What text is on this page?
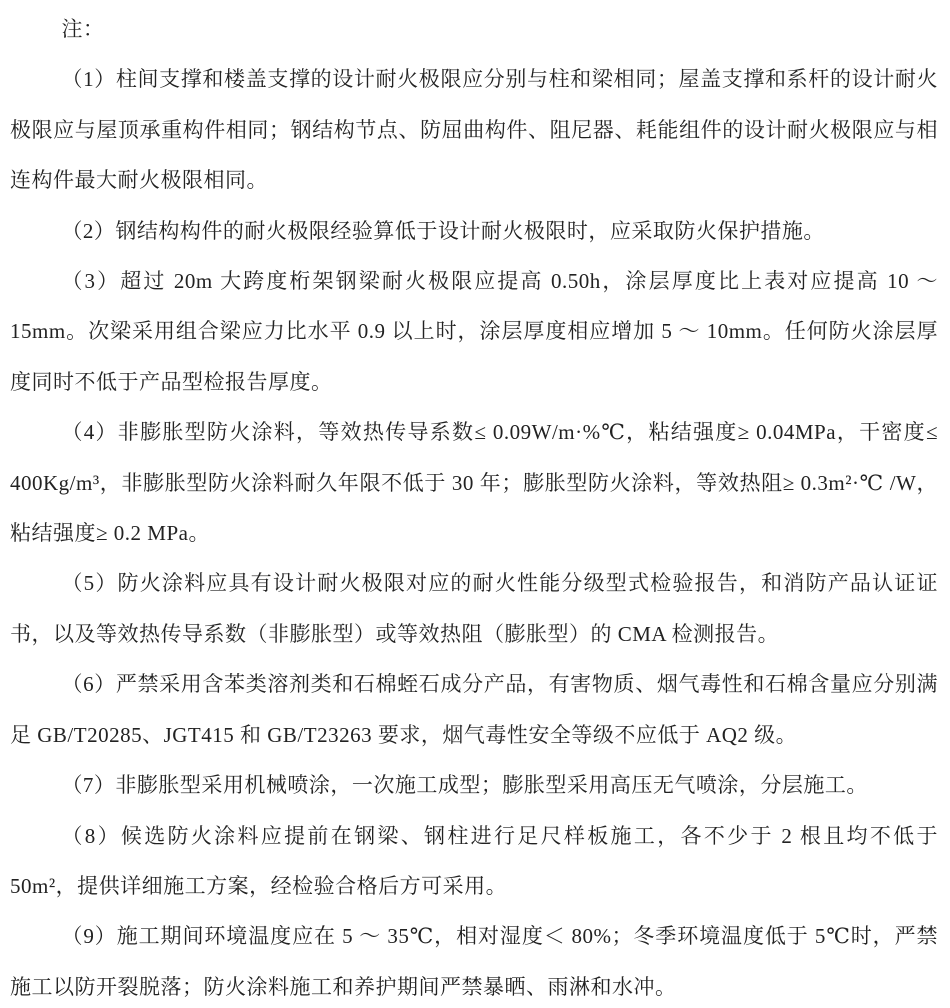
注：

（1）柱间支撑和楼盖支撑的设计耐火极限应分别与柱和梁相同；屋盖支撑和系杆的设计耐火极限应与屋顶承重构件相同；钢结构节点、防屈曲构件、阻尼器、耗能组件的设计耐火极限应与相连构件最大耐火极限相同。

（2）钢结构构件的耐火极限经验算低于设计耐火极限时，应采取防火保护措施。

（3）超过 20m 大跨度桁架钢梁耐火极限应提高 0.50h，涂层厚度比上表对应提高 10 ～ 15mm。次梁采用组合梁应力比水平 0.9 以上时，涂层厚度相应增加 5 ～ 10mm。任何防火涂层厚度同时不低于产品型检报告厚度。

（4）非膨胀型防火涂料，等效热传导系数≤ 0.09W/m·%℃，粘结强度≥ 0.04MPa，干密度≤ 400Kg/m³，非膨胀型防火涂料耐久年限不低于 30 年；膨胀型防火涂料，等效热阻≥ 0.3m²·℃ /W，粘结强度≥ 0.2 MPa。

（5）防火涂料应具有设计耐火极限对应的耐火性能分级型式检验报告，和消防产品认证证书，以及等效热传导系数（非膨胀型）或等效热阻（膨胀型）的 CMA 检测报告。

（6）严禁采用含苯类溶剂类和石棉蛭石成分产品，有害物质、烟气毒性和石棉含量应分别满足 GB/T20285、JGT415 和 GB/T23263 要求，烟气毒性安全等级不应低于 AQ2 级。

（7）非膨胀型采用机械喷涂，一次施工成型；膨胀型采用高压无气喷涂，分层施工。

（8）候选防火涂料应提前在钢梁、钢柱进行足尺样板施工，各不少于 2 根且均不低于 50m²，提供详细施工方案，经检验合格后方可采用。

（9）施工期间环境温度应在 5 ～ 35℃，相对湿度＜ 80%；冬季环境温度低于 5℃时，严禁施工以防开裂脱落；防火涂料施工和养护期间严禁暴晒、雨淋和水冲。
